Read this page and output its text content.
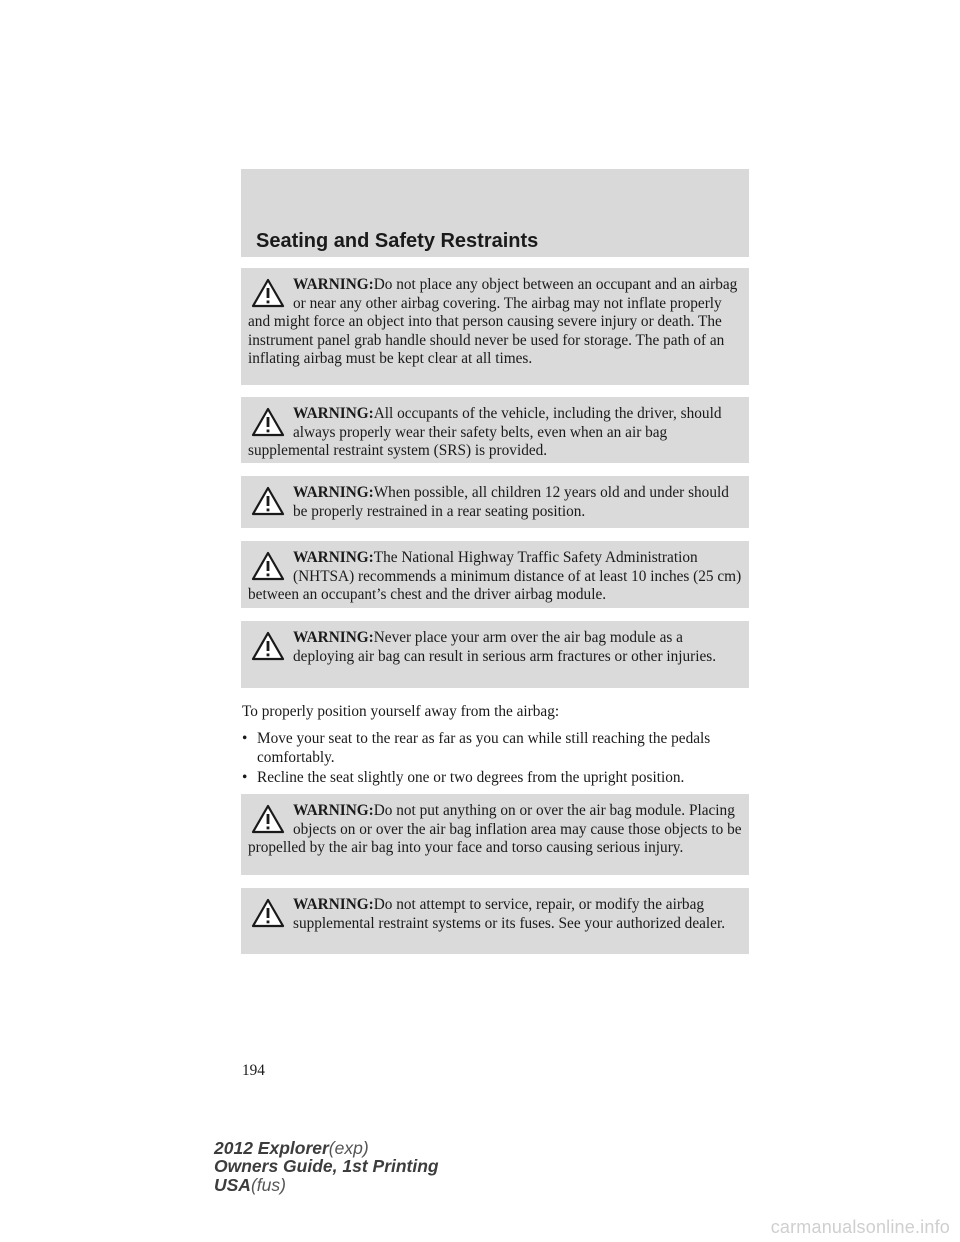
Seating and Safety Restraints
WARNING:Do not place any object between an occupant and an airbag or near any other airbag covering. The airbag may not inflate properly and might force an object into that person causing severe injury or death. The instrument panel grab handle should never be used for storage. The path of an inflating airbag must be kept clear at all times.
WARNING:All occupants of the vehicle, including the driver, should always properly wear their safety belts, even when an air bag supplemental restraint system (SRS) is provided.
WARNING:When possible, all children 12 years old and under should be properly restrained in a rear seating position.
WARNING:The National Highway Traffic Safety Administration (NHTSA) recommends a minimum distance of at least 10 inches (25 cm) between an occupant’s chest and the driver airbag module.
WARNING:Never place your arm over the air bag module as a deploying air bag can result in serious arm fractures or other injuries.

To properly position yourself away from the airbag:

• Move your seat to the rear as far as you can while still reaching the pedals comfortably.
• Recline the seat slightly one or two degrees from the upright position.
WARNING:Do not put anything on or over the air bag module. Placing objects on or over the air bag inflation area may cause those objects to be propelled by the air bag into your face and torso causing serious injury.
WARNING:Do not attempt to service, repair, or modify the airbag supplemental restraint systems or its fuses. See your authorized dealer.
194
2012 Explorer(exp)
Owners Guide, 1st Printing
USA(fus)
carmanualsonline.info
